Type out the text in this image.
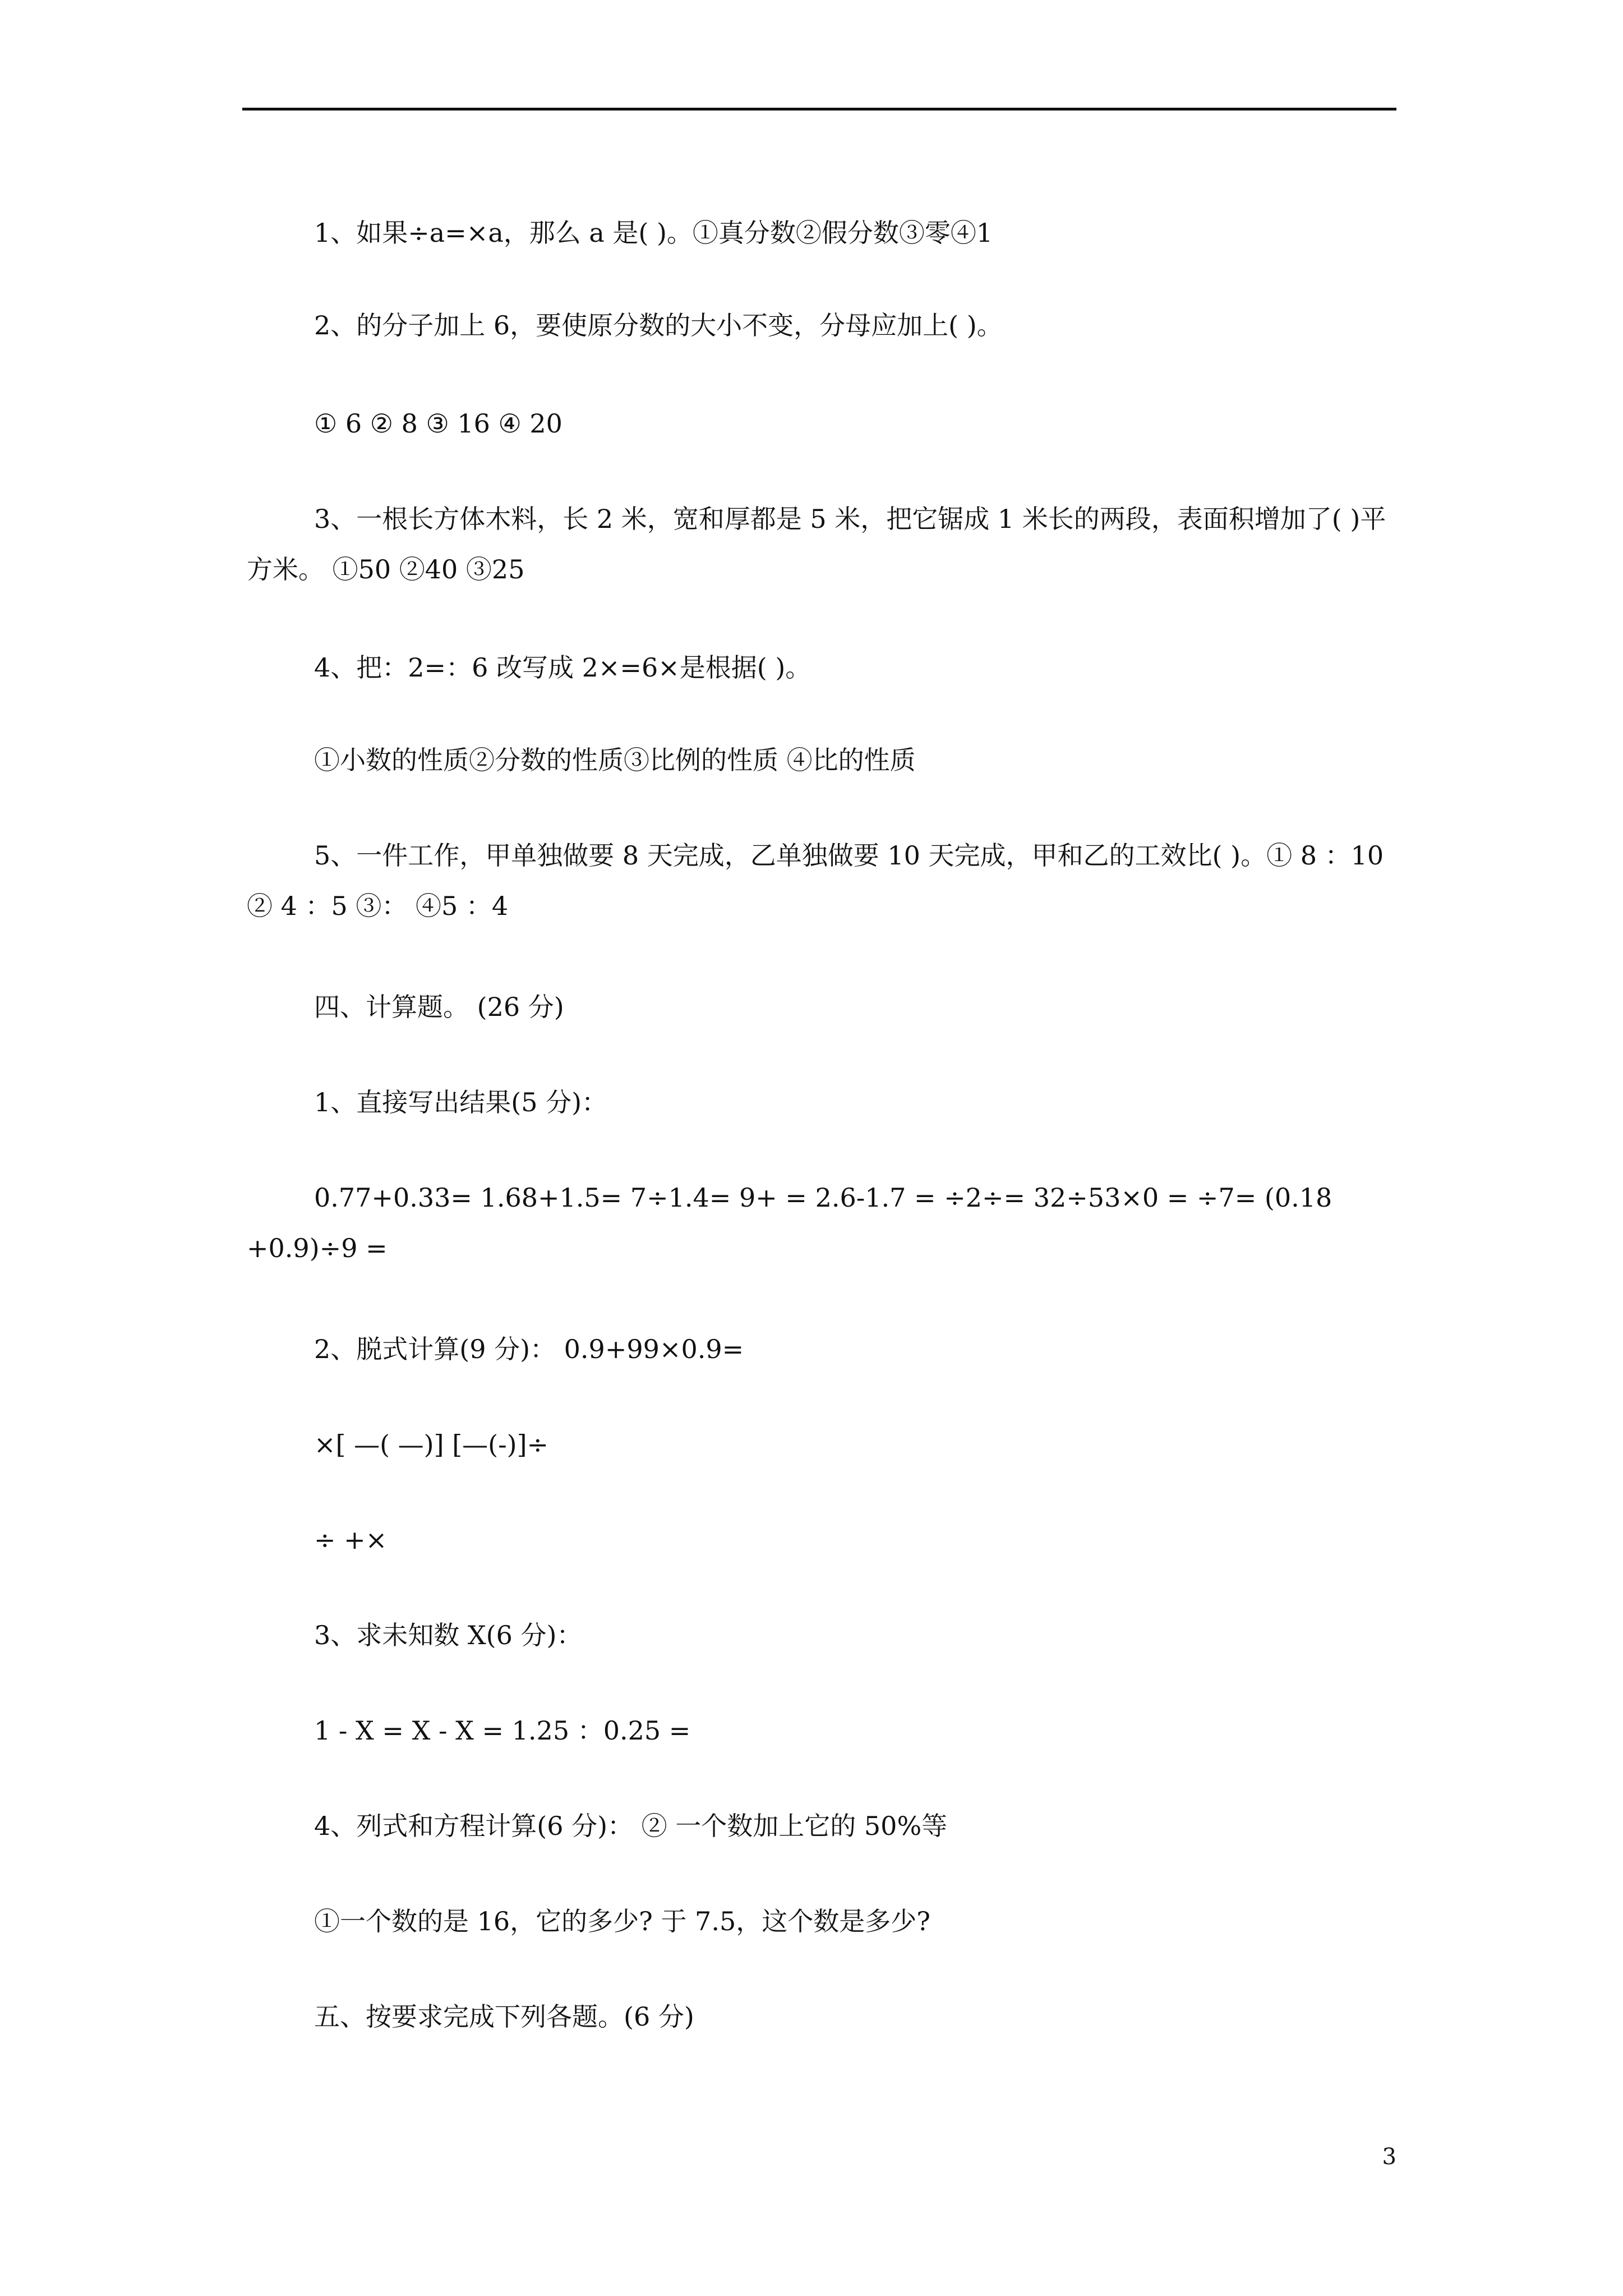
1、如果÷a=×a，那么 a 是( )。①真分数②假分数③零④1
2、的分子加上 6，要使原分数的大小不变，分母应加上( )。
① 6 ② 8 ③ 16 ④ 20
3、一根长方体木料，长 2 米，宽和厚都是 5 米，把它锯成 1 米长的两段，表面积增加了( )平方米。 ①50 ②40 ③25
4、把：2=：6 改写成 2×=6×是根据( )。
①小数的性质②分数的性质③比例的性质 ④比的性质
5、一件工作，甲单独做要 8 天完成，乙单独做要 10 天完成，甲和乙的工效比( )。① 8 ：10 ② 4 ：5 ③： ④5 ：4
四、计算题。 (26 分)
1、直接写出结果(5 分)：
0.77+0.33= 1.68+1.5= 7÷1.4= 9+ = 2.6-1.7 = ÷2÷= 32÷53×0 = ÷7= (0.18 +0.9)÷9 =
2、脱式计算(9 分)： 0.9+99×0.9=
×[ —( —)] [—(-)]÷
÷ +×
3、求未知数 X(6 分)：
1 - X = X - X = 1.25 ：0.25 =
4、列式和方程计算(6 分)： ② 一个数加上它的 50%等
①一个数的是 16，它的多少? 于 7.5，这个数是多少?
五、按要求完成下列各题。(6 分)
3
